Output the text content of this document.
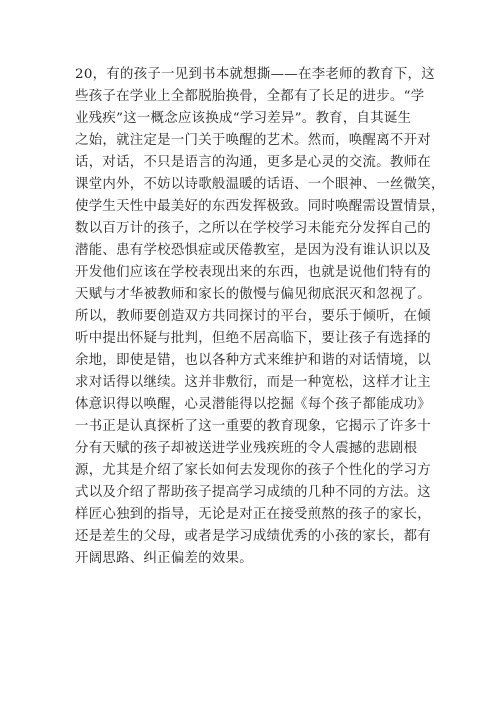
20，有的孩子一见到书本就想撕——在李老师的教育下，这
些孩子在学业上全都脱胎换骨，全都有了长足的进步。“学
业残疾”这一概念应该换成“学习差异”。教育，自其诞生
之始，就注定是一门关于唤醒的艺术。然而，唤醒离不开对
话，对话，不只是语言的沟通，更多是心灵的交流。教师在
课堂内外，不妨以诗歌般温暖的话语、一个眼神、一丝微笑，
使学生天性中最美好的东西发挥极致。同时唤醒需设置情景，
数以百万计的孩子，之所以在学校学习未能充分发挥自己的
潜能、患有学校恐惧症或厌倦教室，是因为没有谁认识以及
开发他们应该在学校表现出来的东西，也就是说他们特有的
天赋与才华被教师和家长的傲慢与偏见彻底泯灭和忽视了。
所以，教师要创造双方共同探讨的平台，要乐于倾听，在倾
听中提出怀疑与批判，但绝不居高临下，要让孩子有选择的
余地，即使是错，也以各种方式来维护和谐的对话情境，以
求对话得以继续。这并非敷衍，而是一种宽松，这样才让主
体意识得以唤醒，心灵潜能得以挖掘《每个孩子都能成功》
一书正是认真探析了这一重要的教育现象，它揭示了许多十
分有天赋的孩子却被送进学业残疾班的令人震撼的悲剧根
源，尤其是介绍了家长如何去发现你的孩子个性化的学习方
式以及介绍了帮助孩子提高学习成绩的几种不同的方法。这
样匠心独到的指导，无论是对正在接受煎熬的孩子的家长，
还是差生的父母，或者是学习成绩优秀的小孩的家长，都有
开阔思路、纠正偏差的效果。
